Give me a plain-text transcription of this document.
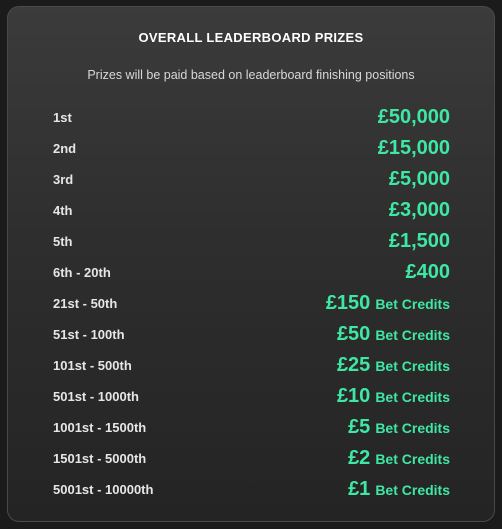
OVERALL LEADERBOARD PRIZES
Prizes will be paid based on leaderboard finishing positions
1st	£50,000
2nd	£15,000
3rd	£5,000
4th	£3,000
5th	£1,500
6th - 20th	£400
21st - 50th	£150 Bet Credits
51st - 100th	£50 Bet Credits
101st - 500th	£25 Bet Credits
501st - 1000th	£10 Bet Credits
1001st - 1500th	£5 Bet Credits
1501st - 5000th	£2 Bet Credits
5001st - 10000th	£1 Bet Credits
